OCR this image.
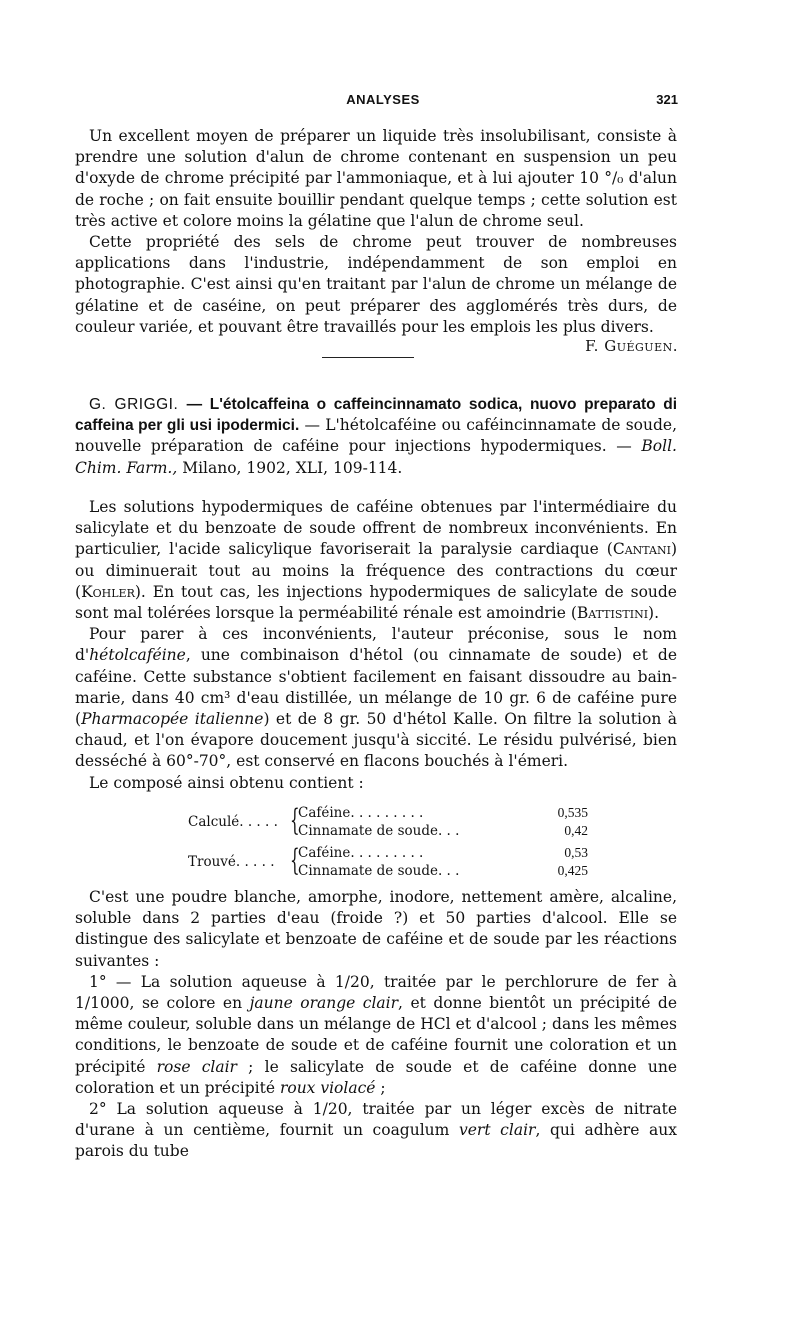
ANALYSES	321

Un excellent moyen de préparer un liquide très insolubilisant, consiste à prendre une solution d'alun de chrome contenant en suspension un peu d'oxyde de chrome précipité par l'ammoniaque, et à lui ajouter 10 °/₀ d'alun de roche ; on fait ensuite bouillir pendant quelque temps ; cette solution est très active et colore moins la gélatine que l'alun de chrome seul.

Cette propriété des sels de chrome peut trouver de nombreuses applications dans l'industrie, indépendamment de son emploi en photographie. C'est ainsi qu'en traitant par l'alun de chrome un mélange de gélatine et de caséine, on peut préparer des agglomérés très durs, de couleur variée, et pouvant être travaillés pour les emplois les plus divers.

F. Guéguen.

G. GRIGGI. — L'étolcaffeina o caffeincinnamato sodica, nuovo preparato di caffeina per gli usi ipodermici. — L'hétolcaféine ou caféincinnamate de soude, nouvelle préparation de caféine pour injections hypodermiques. — Boll. Chim. Farm., Milano, 1902, XLI, 109-114.

Les solutions hypodermiques de caféine obtenues par l'intermédiaire du salicylate et du benzoate de soude offrent de nombreux inconvénients. En particulier, l'acide salicylique favoriserait la paralysie cardiaque (Cantani) ou diminuerait tout au moins la fréquence des contractions du cœur (Kohler). En tout cas, les injections hypodermiques de salicylate de soude sont mal tolérées lorsque la perméabilité rénale est amoindrie (Battistini).

Pour parer à ces inconvénients, l'auteur préconise, sous le nom d'hétolcaféine, une combinaison d'hétol (ou cinnamate de soude) et de caféine. Cette substance s'obtient facilement en faisant dissoudre au bain-marie, dans 40 cm³ d'eau distillée, un mélange de 10 gr. 6 de caféine pure (Pharmacopée italienne) et de 8 gr. 50 d'hétol Kalle. On filtre la solution à chaud, et l'on évapore doucement jusqu'à siccité. Le résidu pulvérisé, bien desséché à 60°-70°, est conservé en flacons bouchés à l'émeri.

Le composé ainsi obtenu contient :

Calculé. . . . . {
Caféine. . . . . . . . .	0,535
Cinnamate de soude. . .	0,42
Trouvé. . . . . {
Caféine. . . . . . . . .	0,53
Cinnamate de soude. . .	0,425

C'est une poudre blanche, amorphe, inodore, nettement amère, alcaline, soluble dans 2 parties d'eau (froide ?) et 50 parties d'alcool. Elle se distingue des salicylate et benzoate de caféine et de soude par les réactions suivantes :

1° — La solution aqueuse à 1/20, traitée par le perchlorure de fer à 1/1000, se colore en jaune orange clair, et donne bientôt un précipité de même couleur, soluble dans un mélange de HCl et d'alcool ; dans les mêmes conditions, le benzoate de soude et de caféine fournit une coloration et un précipité rose clair ; le salicylate de soude et de caféine donne une coloration et un précipité roux violacé ;

2° La solution aqueuse à 1/20, traitée par un léger excès de nitrate d'urane à un centième, fournit un coagulum vert clair, qui adhère aux parois du tube
